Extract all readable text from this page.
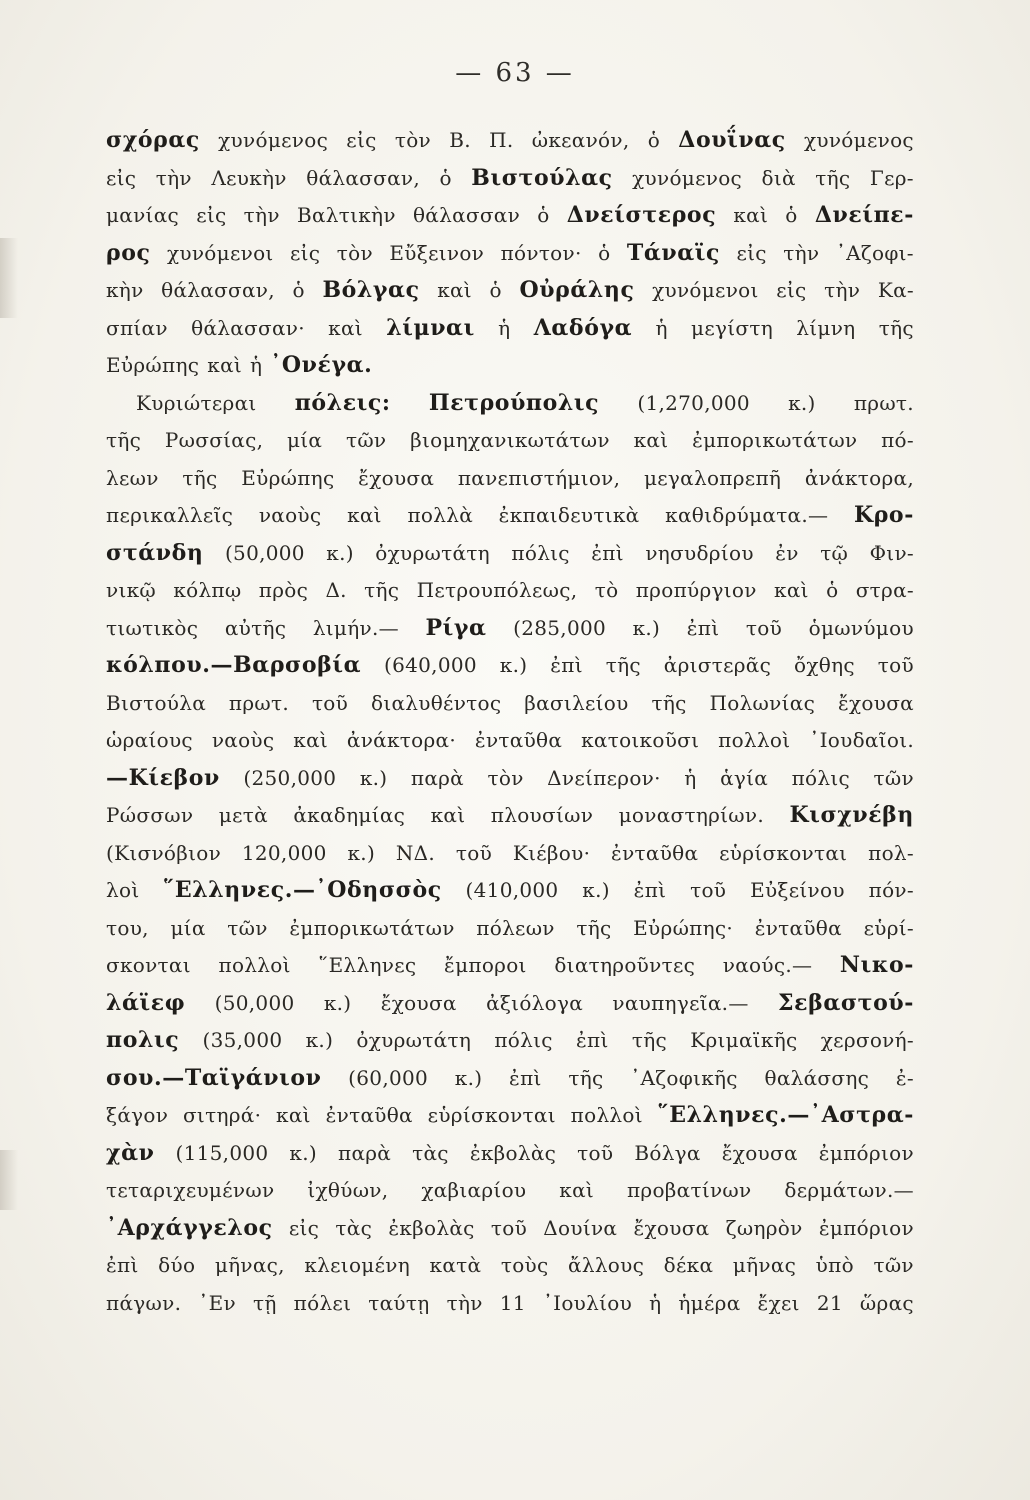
— 63 —
σχόρας χυνόμενος εἰς τὸν Β. Π. ὠκεανόν, ὁ Δουΐνας χυνόμενος
εἰς τὴν Λευκὴν θάλασσαν, ὁ Βιστούλας χυνόμενος διὰ τῆς Γερ-
μανίας εἰς τὴν Βαλτικὴν θάλασσαν ὁ Δνείστερος καὶ ὁ Δνείπε-
ρος χυνόμενοι εἰς τὸν Εὔξεινον πόντον· ὁ Τάναϊς εἰς τὴν ᾿Αζοφι-
κὴν θάλασσαν, ὁ Βόλγας καὶ ὁ Οὐράλης χυνόμενοι εἰς τὴν Κα-
σπίαν θάλασσαν· καὶ λίμναι ἡ Λαδόγα ἡ μεγίστη λίμνη τῆς
Εὐρώπης καὶ ἡ ᾿Ονέγα.
Κυριώτεραι πόλεις: Πετρούπολις (1,270,000 κ.) πρωτ.
τῆς Ρωσσίας, μία τῶν βιομηχανικωτάτων καὶ ἐμπορικωτάτων πό-
λεων τῆς Εὐρώπης ἔχουσα πανεπιστήμιον, μεγαλοπρεπῆ ἀνάκτορα,
περικαλλεῖς ναοὺς καὶ πολλὰ ἐκπαιδευτικὰ καθιδρύματα.— Κρο-
στάνδη (50,000 κ.) ὀχυρωτάτη πόλις ἐπὶ νησυδρίου ἐν τῷ Φιν-
νικῷ κόλπῳ πρὸς Δ. τῆς Πετρουπόλεως, τὸ προπύργιον καὶ ὁ στρα-
τιωτικὸς αὐτῆς λιμήν.— Ρίγα (285,000 κ.) ἐπὶ τοῦ ὁμωνύμου
κόλπου.—Βαρσοβία (640,000 κ.) ἐπὶ τῆς ἀριστερᾶς ὄχθης τοῦ
Βιστούλα πρωτ. τοῦ διαλυθέντος βασιλείου τῆς Πολωνίας ἔχουσα
ὡραίους ναοὺς καὶ ἀνάκτορα· ἐνταῦθα κατοικοῦσι πολλοὶ ᾿Ιουδαῖοι.
—Κίεβον (250,000 κ.) παρὰ τὸν Δνείπερον· ἡ ἁγία πόλις τῶν
Ρώσσων μετὰ ἀκαδημίας καὶ πλουσίων μοναστηρίων. Κισχνέβη
(Κισνόβιον 120,000 κ.) ΝΔ. τοῦ Κιέβου· ἐνταῦθα εὑρίσκονται πολ-
λοὶ ῞Ελληνες.—᾿Οδησσὸς (410,000 κ.) ἐπὶ τοῦ Εὐξείνου πόν-
του, μία τῶν ἐμπορικωτάτων πόλεων τῆς Εὐρώπης· ἐνταῦθα εὑρί-
σκονται πολλοὶ ῞Ελληνες ἔμποροι διατηροῦντες ναούς.— Νικο-
λάϊεφ (50,000 κ.) ἔχουσα ἀξιόλογα ναυπηγεῖα.— Σεβαστού-
πολις (35,000 κ.) ὀχυρωτάτη πόλις ἐπὶ τῆς Κριμαϊκῆς χερσονή-
σου.—Ταϊγάνιον (60,000 κ.) ἐπὶ τῆς ᾿Αζοφικῆς θαλάσσης ἐ-
ξάγον σιτηρά· καὶ ἐνταῦθα εὑρίσκονται πολλοὶ ῞Ελληνες.—᾿Αστρα-
χὰν (115,000 κ.) παρὰ τὰς ἐκβολὰς τοῦ Βόλγα ἔχουσα ἐμπόριον
τεταριχευμένων ἰχθύων, χαβιαρίου καὶ προβατίνων δερμάτων.—
᾿Αρχάγγελος εἰς τὰς ἐκβολὰς τοῦ Δουίνα ἔχουσα ζωηρὸν ἐμπόριον
ἐπὶ δύο μῆνας, κλειομένη κατὰ τοὺς ἄλλους δέκα μῆνας ὑπὸ τῶν
πάγων. ᾿Εν τῇ πόλει ταύτῃ τὴν 11 ᾿Ιουλίου ἡ ἡμέρα ἔχει 21 ὥρας
